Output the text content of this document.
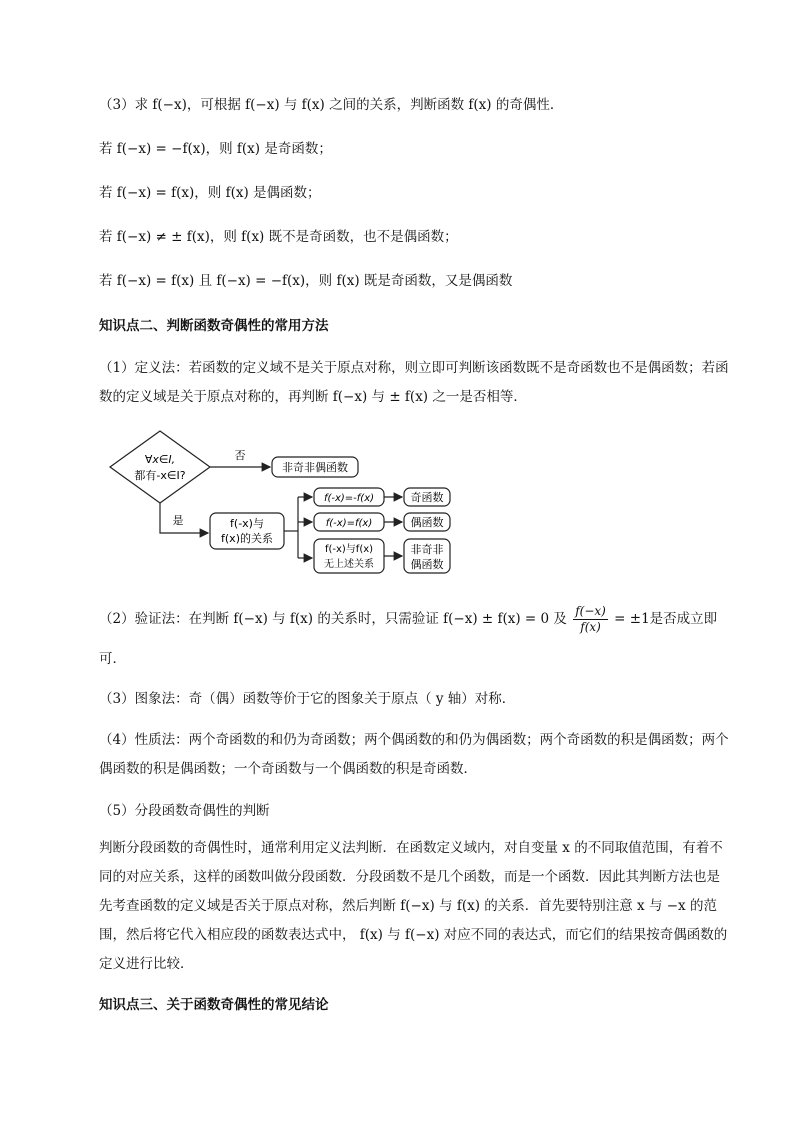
（3）求 f(−x)，可根据 f(−x) 与 f(x) 之间的关系，判断函数 f(x) 的奇偶性．
若 f(−x) = −f(x)，则 f(x) 是奇函数；
若 f(−x) = f(x)，则 f(x) 是偶函数；
若 f(−x) ≠ ± f(x)，则 f(x) 既不是奇函数，也不是偶函数；
若 f(−x) = f(x) 且 f(−x) = −f(x)，则 f(x) 既是奇函数，又是偶函数
知识点二、判断函数奇偶性的常用方法
（1）定义法：若函数的定义域不是关于原点对称，则立即可判断该函数既不是奇函数也不是偶函数；若函数的定义域是关于原点对称的，再判断 f(−x) 与 ± f(x) 之一是否相等．
∀x∈I,
都有-x∈I?
否
非奇非偶函数
是	f(-x)与
f(x)的关系
f(-x)=-f(x)
f(-x)=f(x)
f(-x)与f(x)
无上述关系
奇函数
偶函数
非奇非
偶函数
（2）验证法：在判断 f(−x) 与 f(x) 的关系时，只需验证 f(−x) ± f(x) = 0 及 $\frac{f(-x)}{f(x)} = \pm 1$是否成立即
可．
（3）图象法：奇（偶）函数等价于它的图象关于原点（ y 轴）对称．
（4）性质法：两个奇函数的和仍为奇函数；两个偶函数的和仍为偶函数；两个奇函数的积是偶函数；两个偶函数的积是偶函数；一个奇函数与一个偶函数的积是奇函数．
（5）分段函数奇偶性的判断
判断分段函数的奇偶性时，通常利用定义法判断．在函数定义域内，对自变量 x 的不同取值范围，有着不同的对应关系，这样的函数叫做分段函数．分段函数不是几个函数，而是一个函数．因此其判断方法也是先考查函数的定义域是否关于原点对称，然后判断 f(−x) 与 f(x) 的关系．首先要特别注意 x 与 −x 的范围，然后将它代入相应段的函数表达式中， f(x) 与 f(−x) 对应不同的表达式，而它们的结果按奇偶函数的定义进行比较．
知识点三、关于函数奇偶性的常见结论
